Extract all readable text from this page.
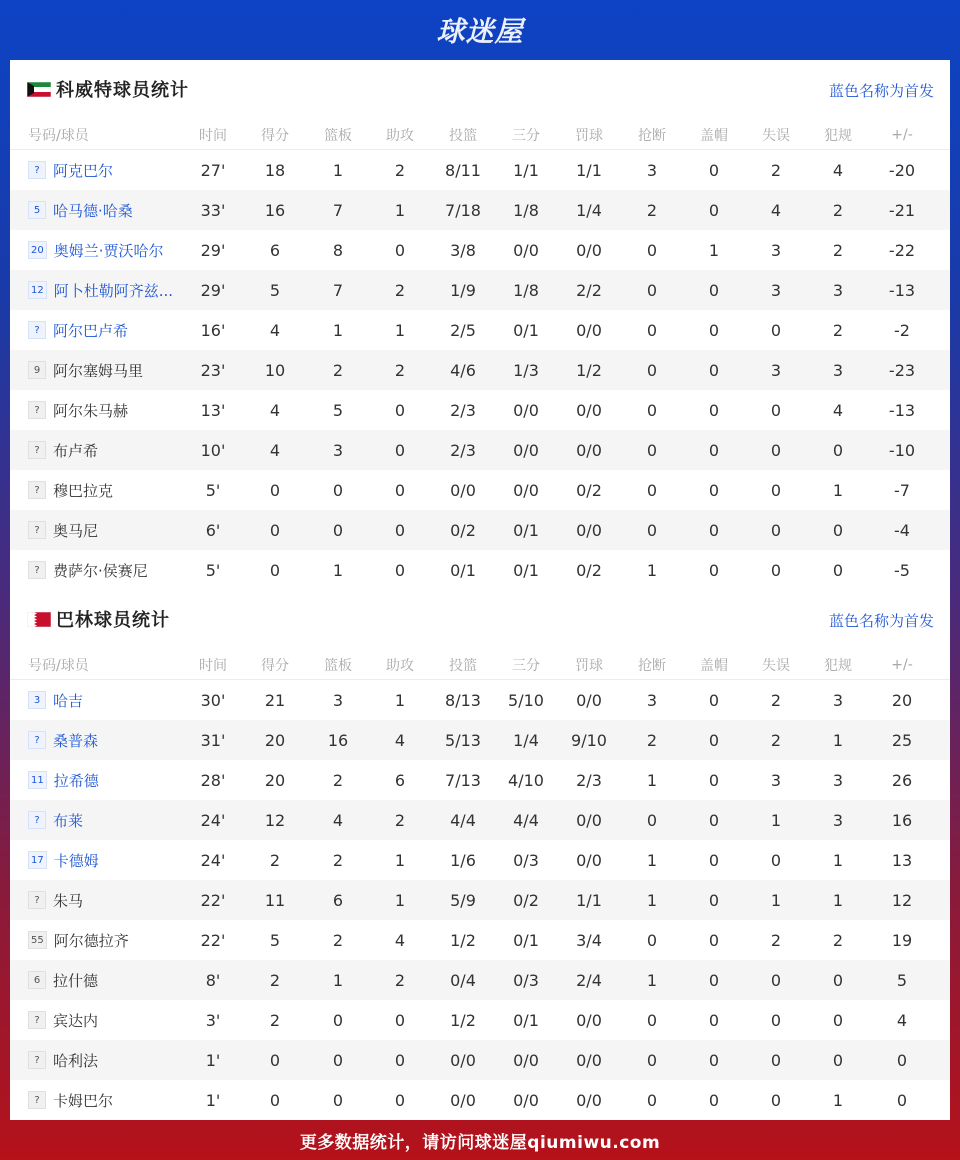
球迷屋
科威特球员统计	蓝色名称为首发
号码/球员	时间	得分	篮板	助攻	投篮	三分	罚球	抢断	盖帽	失误	犯规	+/-
? 阿克巴尔	27'	18	1	2	8/11	1/1	1/1	3	0	2	4	-20
5 哈马德·哈桑	33'	16	7	1	7/18	1/8	1/4	2	0	4	2	-21
20 奥姆兰·贾沃哈尔	29'	6	8	0	3/8	0/0	0/0	0	1	3	2	-22
12 阿卜杜勒阿齐兹...	29'	5	7	2	1/9	1/8	2/2	0	0	3	3	-13
? 阿尔巴卢希	16'	4	1	1	2/5	0/1	0/0	0	0	0	2	-2
9 阿尔塞姆马里	23'	10	2	2	4/6	1/3	1/2	0	0	3	3	-23
? 阿尔朱马赫	13'	4	5	0	2/3	0/0	0/0	0	0	0	4	-13
? 布卢希	10'	4	3	0	2/3	0/0	0/0	0	0	0	0	-10
? 穆巴拉克	5'	0	0	0	0/0	0/0	0/2	0	0	0	1	-7
? 奥马尼	6'	0	0	0	0/2	0/1	0/0	0	0	0	0	-4
? 费萨尔·侯赛尼	5'	0	1	0	0/1	0/1	0/2	1	0	0	0	-5
巴林球员统计	蓝色名称为首发
号码/球员	时间	得分	篮板	助攻	投篮	三分	罚球	抢断	盖帽	失误	犯规	+/-
3 哈吉	30'	21	3	1	8/13	5/10	0/0	3	0	2	3	20
? 桑普森	31'	20	16	4	5/13	1/4	9/10	2	0	2	1	25
11 拉希德	28'	20	2	6	7/13	4/10	2/3	1	0	3	3	26
? 布莱	24'	12	4	2	4/4	4/4	0/0	0	0	1	3	16
17 卡德姆	24'	2	2	1	1/6	0/3	0/0	1	0	0	1	13
? 朱马	22'	11	6	1	5/9	0/2	1/1	1	0	1	1	12
55 阿尔德拉齐	22'	5	2	4	1/2	0/1	3/4	0	0	2	2	19
6 拉什德	8'	2	1	2	0/4	0/3	2/4	1	0	0	0	5
? 宾达内	3'	2	0	0	1/2	0/1	0/0	0	0	0	0	4
? 哈利法	1'	0	0	0	0/0	0/0	0/0	0	0	0	0	0
? 卡姆巴尔	1'	0	0	0	0/0	0/0	0/0	0	0	0	1	0
更多数据统计，请访问球迷屋qiumiwu.com
